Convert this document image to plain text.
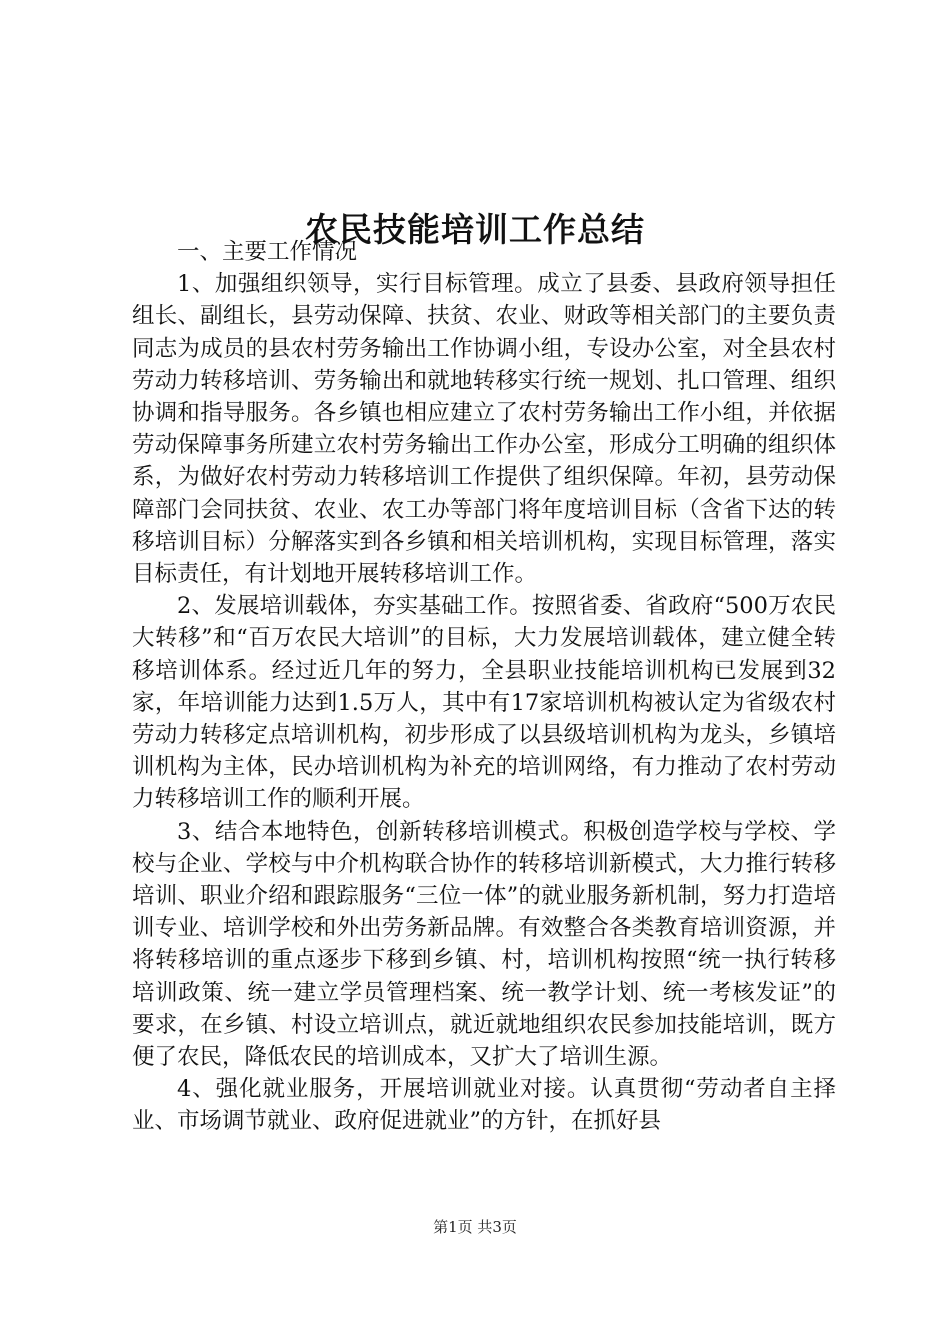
农民技能培训工作总结

一、主要工作情况

1、加强组织领导，实行目标管理。成立了县委、县政府领导担任组长、副组长，县劳动保障、扶贫、农业、财政等相关部门的主要负责同志为成员的县农村劳务输出工作协调小组，专设办公室，对全县农村劳动力转移培训、劳务输出和就地转移实行统一规划、扎口管理、组织协调和指导服务。各乡镇也相应建立了农村劳务输出工作小组，并依据劳动保障事务所建立农村劳务输出工作办公室，形成分工明确的组织体系，为做好农村劳动力转移培训工作提供了组织保障。年初，县劳动保障部门会同扶贫、农业、农工办等部门将年度培训目标（含省下达的转移培训目标）分解落实到各乡镇和相关培训机构，实现目标管理，落实目标责任，有计划地开展转移培训工作。

2、发展培训载体，夯实基础工作。按照省委、省政府“500万农民大转移”和“百万农民大培训”的目标，大力发展培训载体，建立健全转移培训体系。经过近几年的努力，全县职业技能培训机构已发展到32家，年培训能力达到1.5万人，其中有17家培训机构被认定为省级农村劳动力转移定点培训机构，初步形成了以县级培训机构为龙头，乡镇培训机构为主体，民办培训机构为补充的培训网络，有力推动了农村劳动力转移培训工作的顺利开展。

3、结合本地特色，创新转移培训模式。积极创造学校与学校、学校与企业、学校与中介机构联合协作的转移培训新模式，大力推行转移培训、职业介绍和跟踪服务“三位一体”的就业服务新机制，努力打造培训专业、培训学校和外出劳务新品牌。有效整合各类教育培训资源，并将转移培训的重点逐步下移到乡镇、村，培训机构按照“统一执行转移培训政策、统一建立学员管理档案、统一教学计划、统一考核发证”的要求，在乡镇、村设立培训点，就近就地组织农民参加技能培训，既方便了农民，降低农民的培训成本，又扩大了培训生源。

4、强化就业服务，开展培训就业对接。认真贯彻“劳动者自主择业、市场调节就业、政府促进就业”的方针，在抓好县

第1页 共3页
